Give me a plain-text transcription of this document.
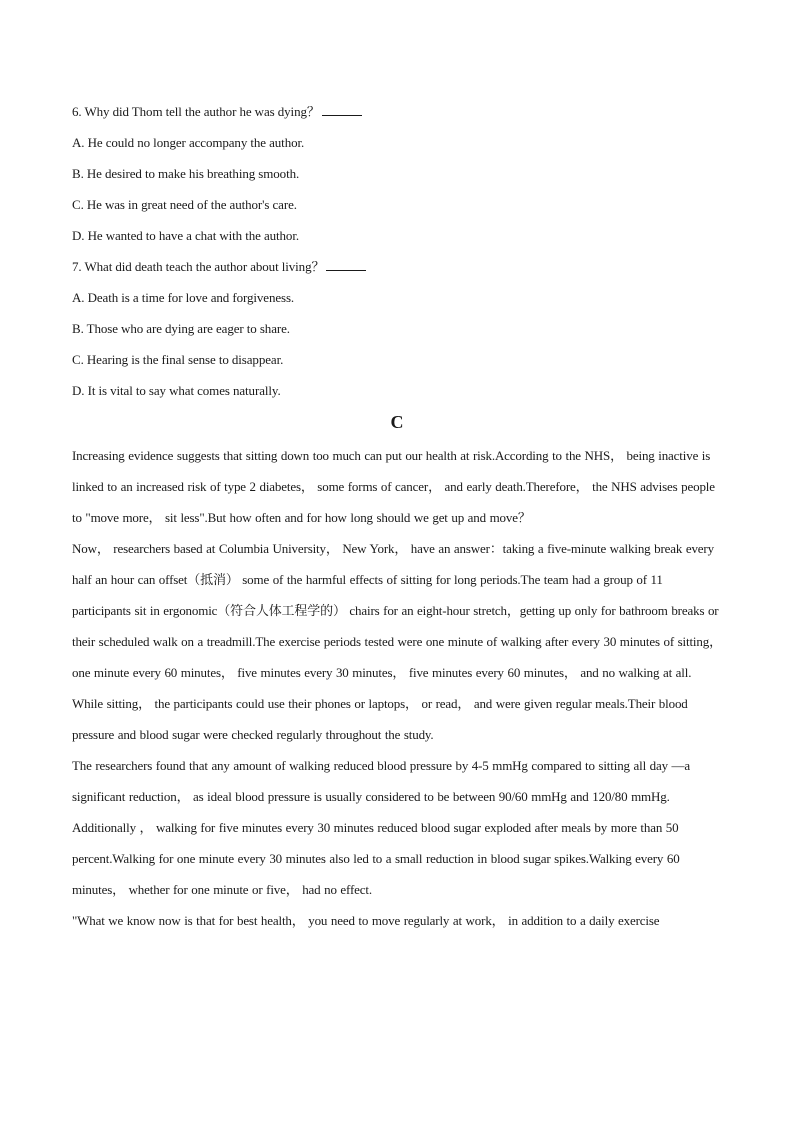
6. Why did Thom tell the author he was dying？
A. He could no longer accompany the author.
B. He desired to make his breathing smooth.
C. He was in great need of the author's care.
D. He wanted to have a chat with the author.
7. What did death teach the author about living？
A. Death is a time for love and forgiveness.
B. Those who are dying are eager to share.
C. Hearing is the final sense to disappear.
D. It is vital to say what comes naturally.
C
Increasing evidence suggests that sitting down too much can put our health at risk.According to the NHS， being inactive is linked to an increased risk of type 2 diabetes， some forms of cancer， and early death.Therefore， the NHS advises people to "move more， sit less".But how often and for how long should we get up and move？
Now， researchers based at Columbia University， New York， have an answer：taking a five-minute walking break every half an hour can offset（抵消） some of the harmful effects of sitting for long periods.The team had a group of 11 participants sit in ergonomic（符合人体工程学的） chairs for an eight-hour stretch，getting up only for bathroom breaks or their scheduled walk on a treadmill.The exercise periods tested were one minute of walking after every 30 minutes of sitting， one minute every 60 minutes， five minutes every 30 minutes， five minutes every 60 minutes， and no walking at all.
While sitting， the participants could use their phones or laptops， or read， and were given regular meals.Their blood pressure and blood sugar were checked regularly throughout the study.
The researchers found that any amount of walking reduced blood pressure by 4-5 mmHg compared to sitting all day —a significant reduction， as ideal blood pressure is usually considered to be between 90/60 mmHg and 120/80 mmHg.
Additionally ， walking for five minutes every 30 minutes reduced blood sugar exploded after meals by more than 50 percent.Walking for one minute every 30 minutes also led to a small reduction in blood sugar spikes.Walking every 60 minutes， whether for one minute or five， had no effect.
"What we know now is that for best health， you need to move regularly at work， in addition to a daily exercise
